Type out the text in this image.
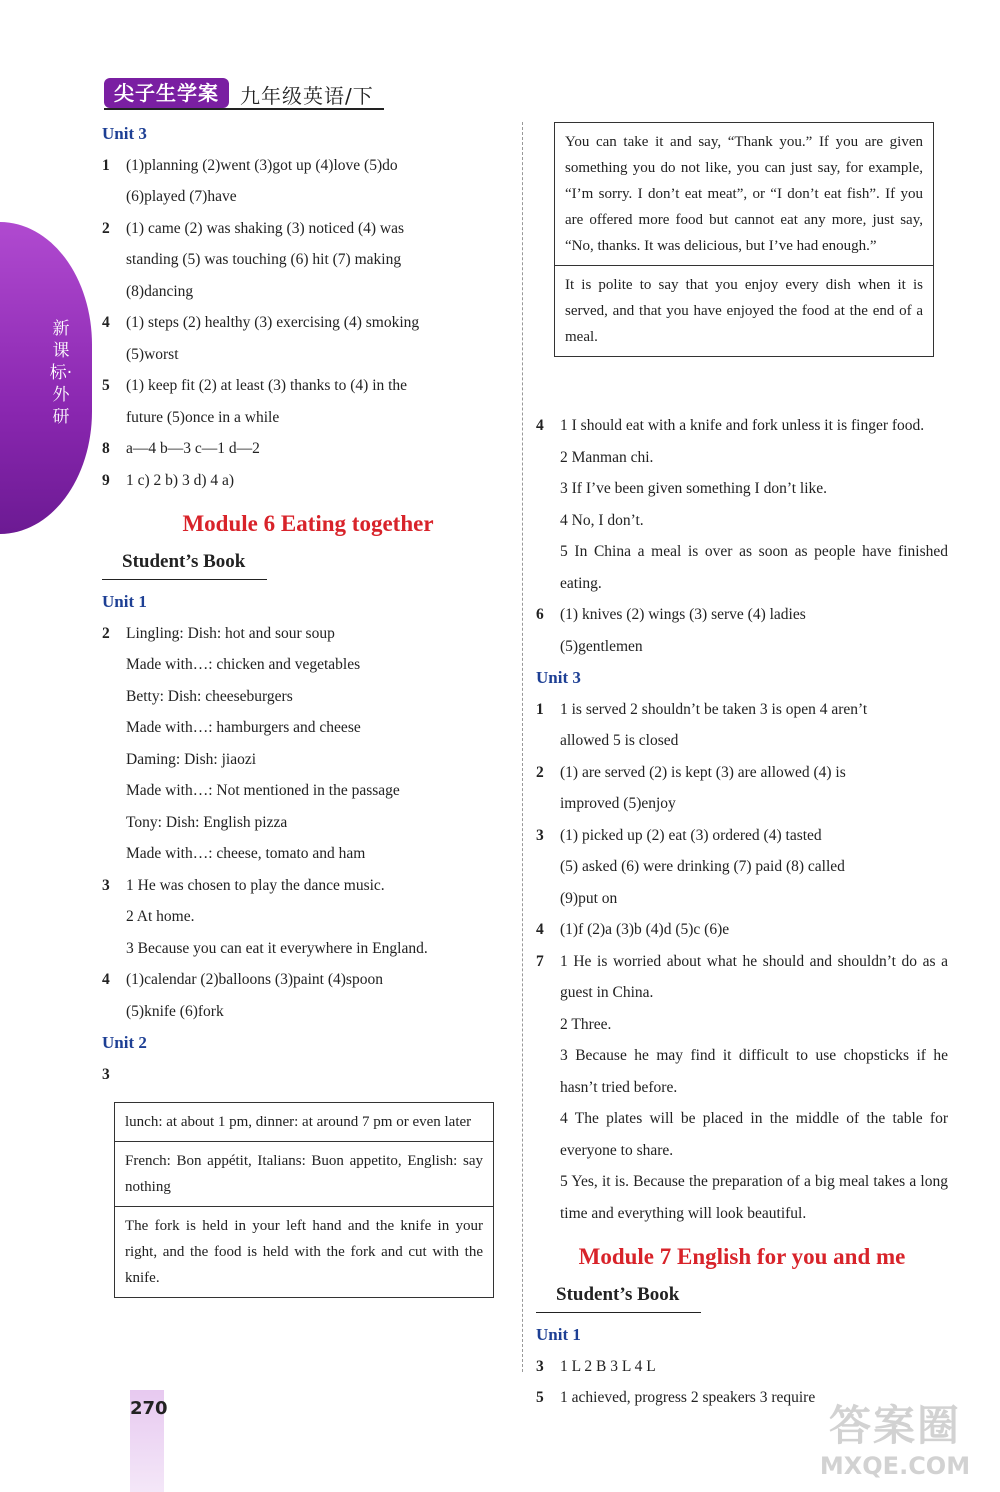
尖子生学案	九年级英语/下
新课标·外研
Unit 3
1	(1)planning (2)went (3)got up (4)love (5)do

(6)played (7)have

2	(1) came (2) was shaking (3) noticed (4) was

standing (5) was touching (6) hit (7) making

(8)dancing

4	(1) steps (2) healthy (3) exercising (4) smoking

(5)worst

5	(1) keep fit (2) at least (3) thanks to (4) in the

future (5)once in a while

8	a—4 b—3 c—1 d—2

9	1 c) 2 b) 3 d) 4 a)

Module 6 Eating together
Student’s Book
Unit 1
2	Lingling: Dish: hot and sour soup

Made with…: chicken and vegetables

Betty: Dish: cheeseburgers

Made with…: hamburgers and cheese

Daming: Dish: jiaozi

Made with…: Not mentioned in the passage

Tony: Dish: English pizza

Made with…: cheese, tomato and ham

3	1 He was chosen to play the dance music.

2 At home.

3 Because you can eat it everywhere in England.

4	(1)calendar (2)balloons (3)paint (4)spoon

(5)knife (6)fork

Unit 2
3
lunch: at about 1 pm, dinner: at around 7 pm or even later
French: Bon appétit, Italians: Buon appetito, English: say nothing
The fork is held in your left hand and the knife in your right, and the food is held with the fork and cut with the knife.
You can take it and say, “Thank you.” If you are given something you do not like, you can just say, for example, “I’m sorry. I don’t eat meat”, or “I don’t eat fish”. If you are offered more food but cannot eat any more, just say, “No, thanks. It was delicious, but I’ve had enough.”
It is polite to say that you enjoy every dish when it is served, and that you have enjoyed the food at the end of a meal.
4	1 I should eat with a knife and fork unless it is finger food.

2 Manman chi.

3 If I’ve been given something I don’t like.

4 No, I don’t.

5 In China a meal is over as soon as people have finished eating.

6	(1) knives (2) wings (3) serve (4) ladies

(5)gentlemen

Unit 3
1	1 is served 2 shouldn’t be taken 3 is open 4 aren’t

allowed 5 is closed

2	(1) are served (2) is kept (3) are allowed (4) is

improved (5)enjoy

3	(1) picked up (2) eat (3) ordered (4) tasted

(5) asked (6) were drinking (7) paid (8) called

(9)put on

4	(1)f (2)a (3)b (4)d (5)c (6)e

7	1 He is worried about what he should and shouldn’t do as a guest in China.

2 Three.

3 Because he may find it difficult to use chopsticks if he hasn’t tried before.

4 The plates will be placed in the middle of the table for everyone to share.

5 Yes, it is. Because the preparation of a big meal takes a long time and everything will look beautiful.

Module 7 English for you and me
Student’s Book
Unit 1
3	1 L 2 B 3 L 4 L

5	1 achieved, progress 2 speakers 3 require

270	答案圈
MXQE.COM
